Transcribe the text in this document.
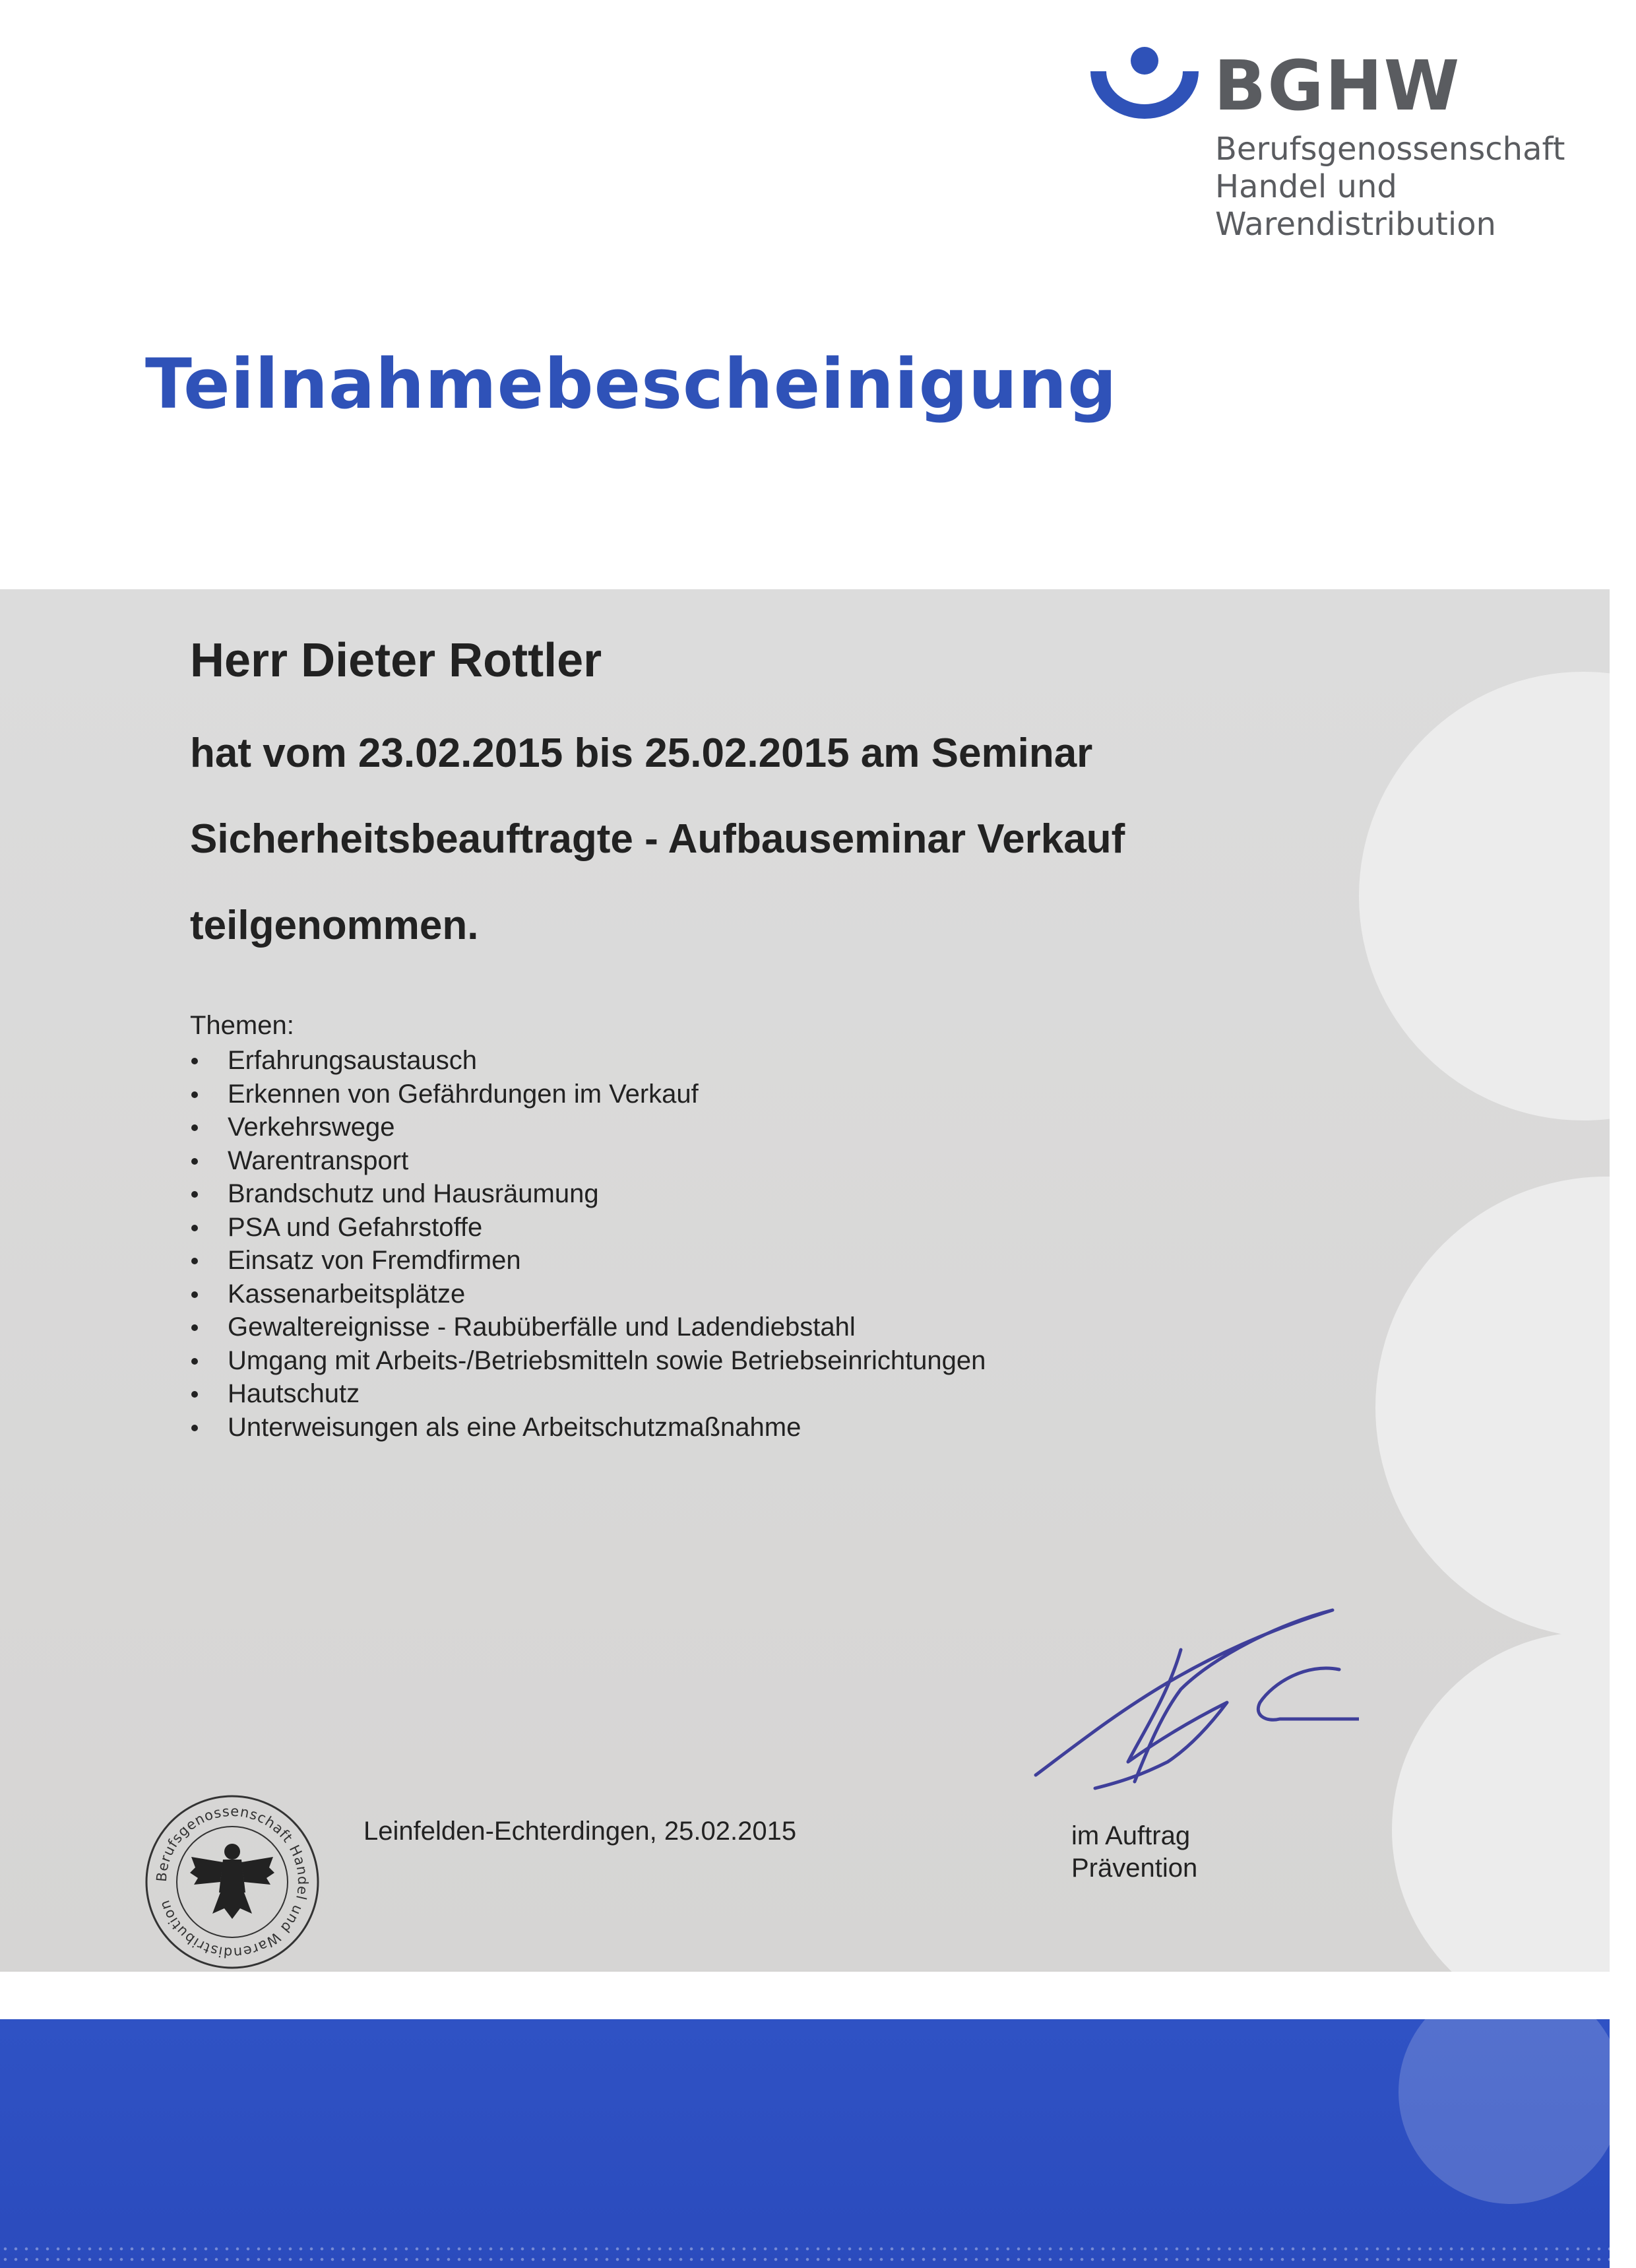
BGHW
Berufsgenossenschaft
Handel und
Warendistribution
Teilnahmebescheinigung
Herr Dieter Rottler
hat vom 23.02.2015 bis 25.02.2015 am Seminar
Sicherheitsbeauftragte - Aufbauseminar Verkauf
teilgenommen.
Themen:
Erfahrungsaustausch
Erkennen von Gefährdungen im Verkauf
Verkehrswege
Warentransport
Brandschutz und Hausräumung
PSA und Gefahrstoffe
Einsatz von Fremdfirmen
Kassenarbeitsplätze
Gewaltereignisse - Raubüberfälle und Ladendiebstahl
Umgang mit Arbeits-/Betriebsmitteln sowie Betriebseinrichtungen
Hautschutz
Unterweisungen als eine Arbeitschutzmaßnahme
Berufsgenossenschaft Handel und Warendistribution
Leinfelden-Echterdingen, 25.02.2015	im Auftrag
Prävention
